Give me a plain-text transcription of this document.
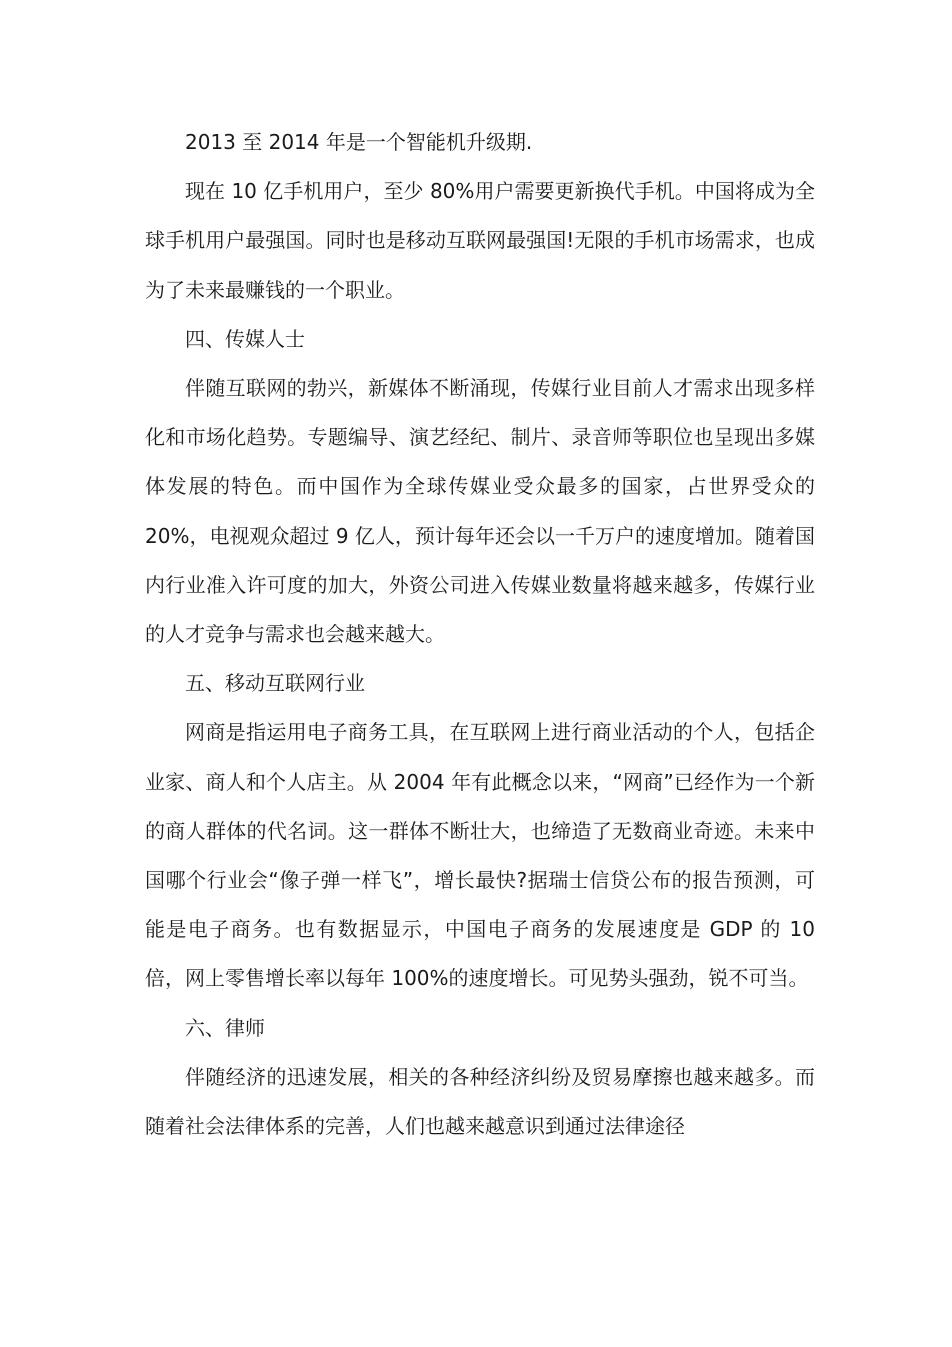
2013 至 2014 年是一个智能机升级期.

现在 10 亿手机用户，至少 80%用户需要更新换代手机。中国将成为全球手机用户最强国。同时也是移动互联网最强国!无限的手机市场需求，也成为了未来最赚钱的一个职业。

四、传媒人士

伴随互联网的勃兴，新媒体不断涌现，传媒行业目前人才需求出现多样化和市场化趋势。专题编导、演艺经纪、制片、录音师等职位也呈现出多媒体发展的特色。而中国作为全球传媒业受众最多的国家，占世界受众的 20%，电视观众超过 9 亿人，预计每年还会以一千万户的速度增加。随着国内行业准入许可度的加大，外资公司进入传媒业数量将越来越多，传媒行业的人才竞争与需求也会越来越大。

五、移动互联网行业

网商是指运用电子商务工具，在互联网上进行商业活动的个人，包括企业家、商人和个人店主。从 2004 年有此概念以来，“网商”已经作为一个新的商人群体的代名词。这一群体不断壮大，也缔造了无数商业奇迹。未来中国哪个行业会“像子弹一样飞”，增长最快?据瑞士信贷公布的报告预测，可能是电子商务。也有数据显示，中国电子商务的发展速度是 GDP 的 10 倍，网上零售增长率以每年 100%的速度增长。可见势头强劲，锐不可当。

六、律师

伴随经济的迅速发展，相关的各种经济纠纷及贸易摩擦也越来越多。而随着社会法律体系的完善，人们也越来越意识到通过法律途径
